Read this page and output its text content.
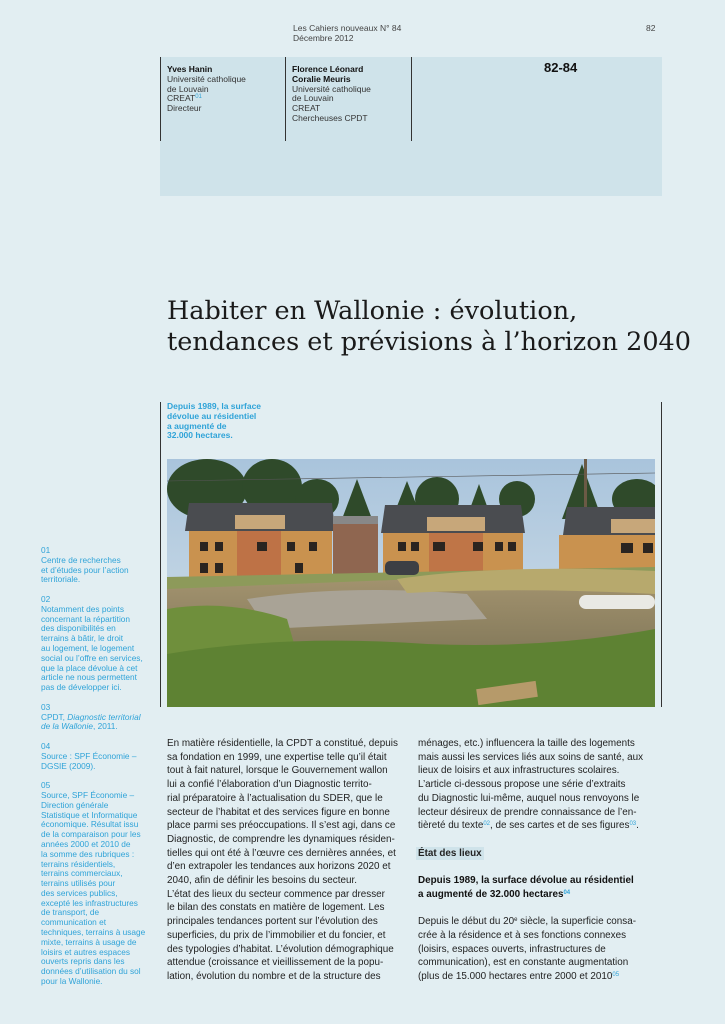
Les Cahiers nouveaux N° 84
Décembre 2012
82
Yves Hanin
Université catholique
de Louvain
CREAT$^{01}$
Directeur
Florence Léonard
Coralie Meuris
Université catholique
de Louvain
CREAT
Chercheuses CPDT
82-84
Habiter en Wallonie : évolution,
tendances et prévisions à l’horizon 2040
Depuis 1989, la surface
dévolue au résidentiel
a augmenté de
32.000 hectares.
01
Centre de recherches
et d’études pour l’action
territoriale.
02
Notamment des points
concernant la répartition
des disponibilités en
terrains à bâtir, le droit
au logement, le logement
social ou l’offre en services,
que la place dévolue à cet
article ne nous permettent
pas de développer ici.
03
CPDT, Diagnostic territorial
de la Wallonie, 2011.
04
Source : SPF Économie –
DGSIE (2009).
05
Source, SPF Économie –
Direction générale
Statistique et Informatique
économique. Résultat issu
de la comparaison pour les
années 2000 et 2010 de
la somme des rubriques :
terrains résidentiels,
terrains commerciaux,
terrains utilisés pour
des services publics,
excepté les infrastructures
de transport, de
communication et
techniques, terrains à usage
mixte, terrains à usage de
loisirs et autres espaces
ouverts repris dans les
données d’utilisation du sol
pour la Wallonie.
En matière résidentielle, la CPDT a constitué, depuis
sa fondation en 1999, une expertise telle qu’il était
tout à fait naturel, lorsque le Gouvernement wallon
lui a confié l’élaboration d’un Diagnostic territo-
rial préparatoire à l’actualisation du SDER, que le
secteur de l’habitat et des services figure en bonne
place parmi ses préoccupations. Il s’est agi, dans ce
Diagnostic, de comprendre les dynamiques résiden-
tielles qui ont été à l’œuvre ces dernières années, et
d’en extrapoler les tendances aux horizons 2020 et
2040, afin de définir les besoins du secteur.
L’état des lieux du secteur commence par dresser
le bilan des constats en matière de logement. Les
principales tendances portent sur l’évolution des
superficies, du prix de l’immobilier et du foncier, et
des typologies d’habitat. L’évolution démographique
attendue (croissance et vieillissement de la popu-
lation, évolution du nombre et de la structure des
ménages, etc.) influencera la taille des logements
mais aussi les services liés aux soins de santé, aux
lieux de loisirs et aux infrastructures scolaires.
L’article ci-dessous propose une série d’extraits
du Diagnostic lui-même, auquel nous renvoyons le
lecteur désireux de prendre connaissance de l’en-
tièreté du texte$^{02}$, de ses cartes et de ses figures$^{03}$.
État des lieux
Depuis 1989, la surface dévolue au résidentiel
a augmenté de 32.000 hectares$^{04}$
Depuis le début du 20e siècle, la superficie consa-
crée à la résidence et à ses fonctions connexes
(loisirs, espaces ouverts, infrastructures de
communication), est en constante augmentation
(plus de 15.000 hectares entre 2000 et 2010$^{05}$
